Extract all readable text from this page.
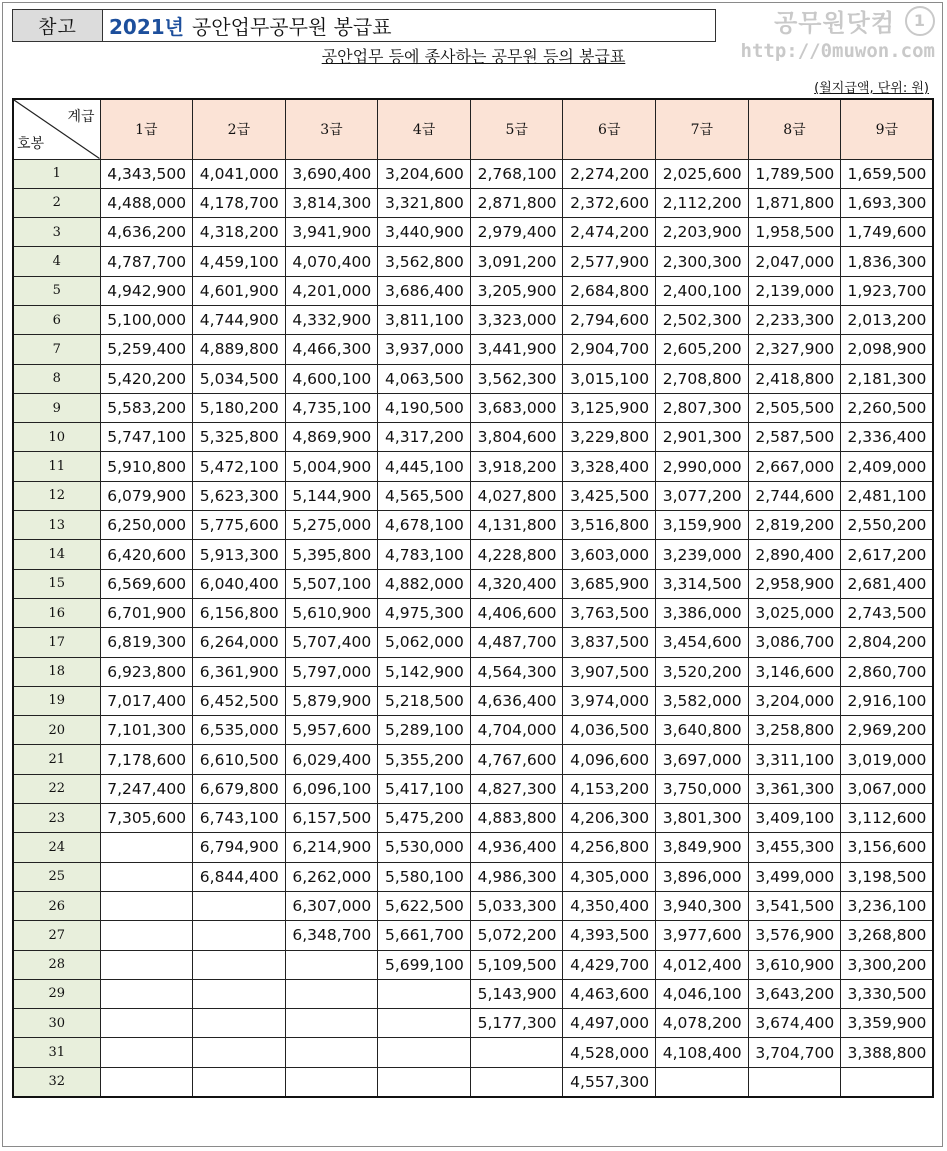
참고	2021년 공안업무공무원 봉급표	공무원닷컴	1
http://0muwon.com
공안업무 등에 종사하는 공무원 등의 봉급표
(월지급액, 단위: 원)
계급
호봉	1급	2급	3급	4급	5급	6급	7급	8급	9급
1	4,343,500	4,041,000	3,690,400	3,204,600	2,768,100	2,274,200	2,025,600	1,789,500	1,659,500
2	4,488,000	4,178,700	3,814,300	3,321,800	2,871,800	2,372,600	2,112,200	1,871,800	1,693,300
3	4,636,200	4,318,200	3,941,900	3,440,900	2,979,400	2,474,200	2,203,900	1,958,500	1,749,600
4	4,787,700	4,459,100	4,070,400	3,562,800	3,091,200	2,577,900	2,300,300	2,047,000	1,836,300
5	4,942,900	4,601,900	4,201,000	3,686,400	3,205,900	2,684,800	2,400,100	2,139,000	1,923,700
6	5,100,000	4,744,900	4,332,900	3,811,100	3,323,000	2,794,600	2,502,300	2,233,300	2,013,200
7	5,259,400	4,889,800	4,466,300	3,937,000	3,441,900	2,904,700	2,605,200	2,327,900	2,098,900
8	5,420,200	5,034,500	4,600,100	4,063,500	3,562,300	3,015,100	2,708,800	2,418,800	2,181,300
9	5,583,200	5,180,200	4,735,100	4,190,500	3,683,000	3,125,900	2,807,300	2,505,500	2,260,500
10	5,747,100	5,325,800	4,869,900	4,317,200	3,804,600	3,229,800	2,901,300	2,587,500	2,336,400
11	5,910,800	5,472,100	5,004,900	4,445,100	3,918,200	3,328,400	2,990,000	2,667,000	2,409,000
12	6,079,900	5,623,300	5,144,900	4,565,500	4,027,800	3,425,500	3,077,200	2,744,600	2,481,100
13	6,250,000	5,775,600	5,275,000	4,678,100	4,131,800	3,516,800	3,159,900	2,819,200	2,550,200
14	6,420,600	5,913,300	5,395,800	4,783,100	4,228,800	3,603,000	3,239,000	2,890,400	2,617,200
15	6,569,600	6,040,400	5,507,100	4,882,000	4,320,400	3,685,900	3,314,500	2,958,900	2,681,400
16	6,701,900	6,156,800	5,610,900	4,975,300	4,406,600	3,763,500	3,386,000	3,025,000	2,743,500
17	6,819,300	6,264,000	5,707,400	5,062,000	4,487,700	3,837,500	3,454,600	3,086,700	2,804,200
18	6,923,800	6,361,900	5,797,000	5,142,900	4,564,300	3,907,500	3,520,200	3,146,600	2,860,700
19	7,017,400	6,452,500	5,879,900	5,218,500	4,636,400	3,974,000	3,582,000	3,204,000	2,916,100
20	7,101,300	6,535,000	5,957,600	5,289,100	4,704,000	4,036,500	3,640,800	3,258,800	2,969,200
21	7,178,600	6,610,500	6,029,400	5,355,200	4,767,600	4,096,600	3,697,000	3,311,100	3,019,000
22	7,247,400	6,679,800	6,096,100	5,417,100	4,827,300	4,153,200	3,750,000	3,361,300	3,067,000
23	7,305,600	6,743,100	6,157,500	5,475,200	4,883,800	4,206,300	3,801,300	3,409,100	3,112,600
24		6,794,900	6,214,900	5,530,000	4,936,400	4,256,800	3,849,900	3,455,300	3,156,600
25		6,844,400	6,262,000	5,580,100	4,986,300	4,305,000	3,896,000	3,499,000	3,198,500
26			6,307,000	5,622,500	5,033,300	4,350,400	3,940,300	3,541,500	3,236,100
27			6,348,700	5,661,700	5,072,200	4,393,500	3,977,600	3,576,900	3,268,800
28				5,699,100	5,109,500	4,429,700	4,012,400	3,610,900	3,300,200
29					5,143,900	4,463,600	4,046,100	3,643,200	3,330,500
30					5,177,300	4,497,000	4,078,200	3,674,400	3,359,900
31						4,528,000	4,108,400	3,704,700	3,388,800
32						4,557,300			
